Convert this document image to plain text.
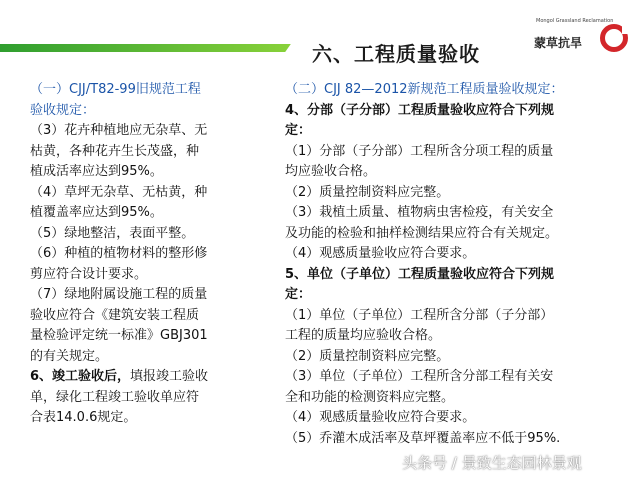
六、工程质量验收
Mongol Grassland Reclamation
蒙草抗旱
（一）CJJ/T82-99旧规范工程
验收规定：
（3）花卉种植地应无杂草、无
枯黄，各种花卉生长茂盛，种
植成活率应达到95%。
（4）草坪无杂草、无枯黄，种
植覆盖率应达到95%。
（5）绿地整洁，表面平整。
（6）种植的植物材料的整形修
剪应符合设计要求。
（7）绿地附属设施工程的质量
验收应符合《建筑安装工程质
量检验评定统一标准》GBJ301
的有关规定。
6、竣工验收后，填报竣工验收
单，绿化工程竣工验收单应符
合表14.0.6规定。
（二）CJJ 82—2012新规范工程质量验收规定：
4、分部（子分部）工程质量验收应符合下列规
定：
（1）分部（子分部）工程所含分项工程的质量
均应验收合格。
（2）质量控制资料应完整。
（3）栽植土质量、植物病虫害检疫，有关安全
及功能的检验和抽样检测结果应符合有关规定。
（4）观感质量验收应符合要求。
5、单位（子单位）工程质量验收应符合下列规
定：
（1）单位（子单位）工程所含分部（子分部）
工程的质量均应验收合格。
（2）质量控制资料应完整。
（3）单位（子单位）工程所含分部工程有关安
全和功能的检测资料应完整。
（4）观感质量验收应符合要求。
（5）乔灌木成活率及草坪覆盖率应不低于95%.
头条号 / 景致生态园林景观
